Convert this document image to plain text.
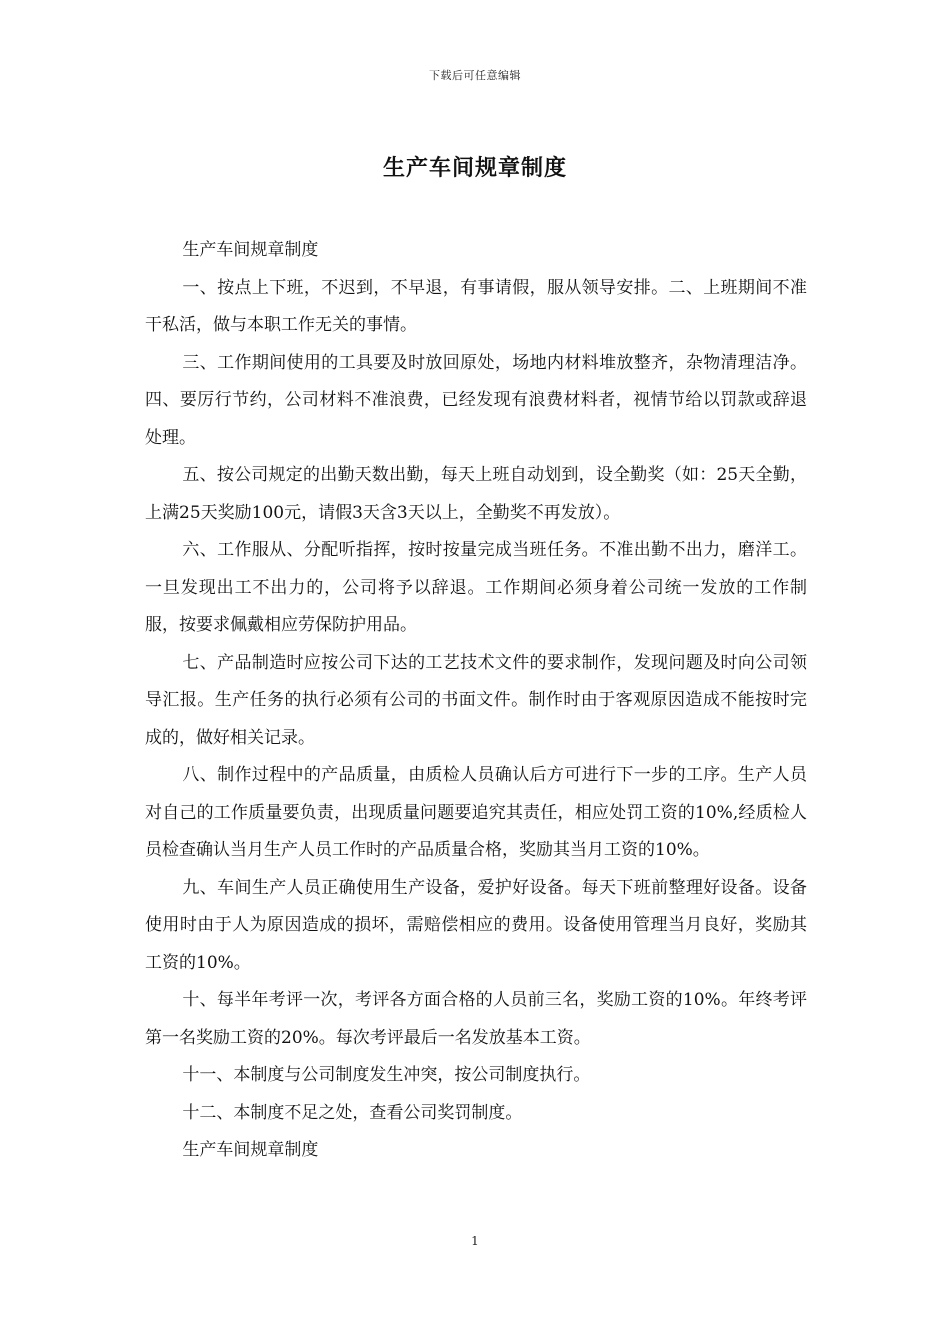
下载后可任意编辑
生产车间规章制度

生产车间规章制度

一、按点上下班，不迟到，不早退，有事请假，服从领导安排。二、上班期间不准干私活，做与本职工作无关的事情。

三、工作期间使用的工具要及时放回原处，场地内材料堆放整齐，杂物清理洁净。四、要厉行节约，公司材料不准浪费，已经发现有浪费材料者，视情节给以罚款或辞退处理。

五、按公司规定的出勤天数出勤，每天上班自动划到，设全勤奖（如：25天全勤，上满25天奖励100元，请假3天含3天以上，全勤奖不再发放）。

六、工作服从、分配听指挥，按时按量完成当班任务。不准出勤不出力，磨洋工。一旦发现出工不出力的，公司将予以辞退。工作期间必须身着公司统一发放的工作制服，按要求佩戴相应劳保防护用品。

七、产品制造时应按公司下达的工艺技术文件的要求制作，发现问题及时向公司领导汇报。生产任务的执行必须有公司的书面文件。制作时由于客观原因造成不能按时完成的，做好相关记录。

八、制作过程中的产品质量，由质检人员确认后方可进行下一步的工序。生产人员对自己的工作质量要负责，出现质量问题要追究其责任，相应处罚工资的10%,经质检人员检查确认当月生产人员工作时的产品质量合格，奖励其当月工资的10%。

九、车间生产人员正确使用生产设备，爱护好设备。每天下班前整理好设备。设备使用时由于人为原因造成的损坏，需赔偿相应的费用。设备使用管理当月良好，奖励其工资的10%。

十、每半年考评一次，考评各方面合格的人员前三名，奖励工资的10%。年终考评第一名奖励工资的20%。每次考评最后一名发放基本工资。

十一、本制度与公司制度发生冲突，按公司制度执行。

十二、本制度不足之处，查看公司奖罚制度。

生产车间规章制度

1
